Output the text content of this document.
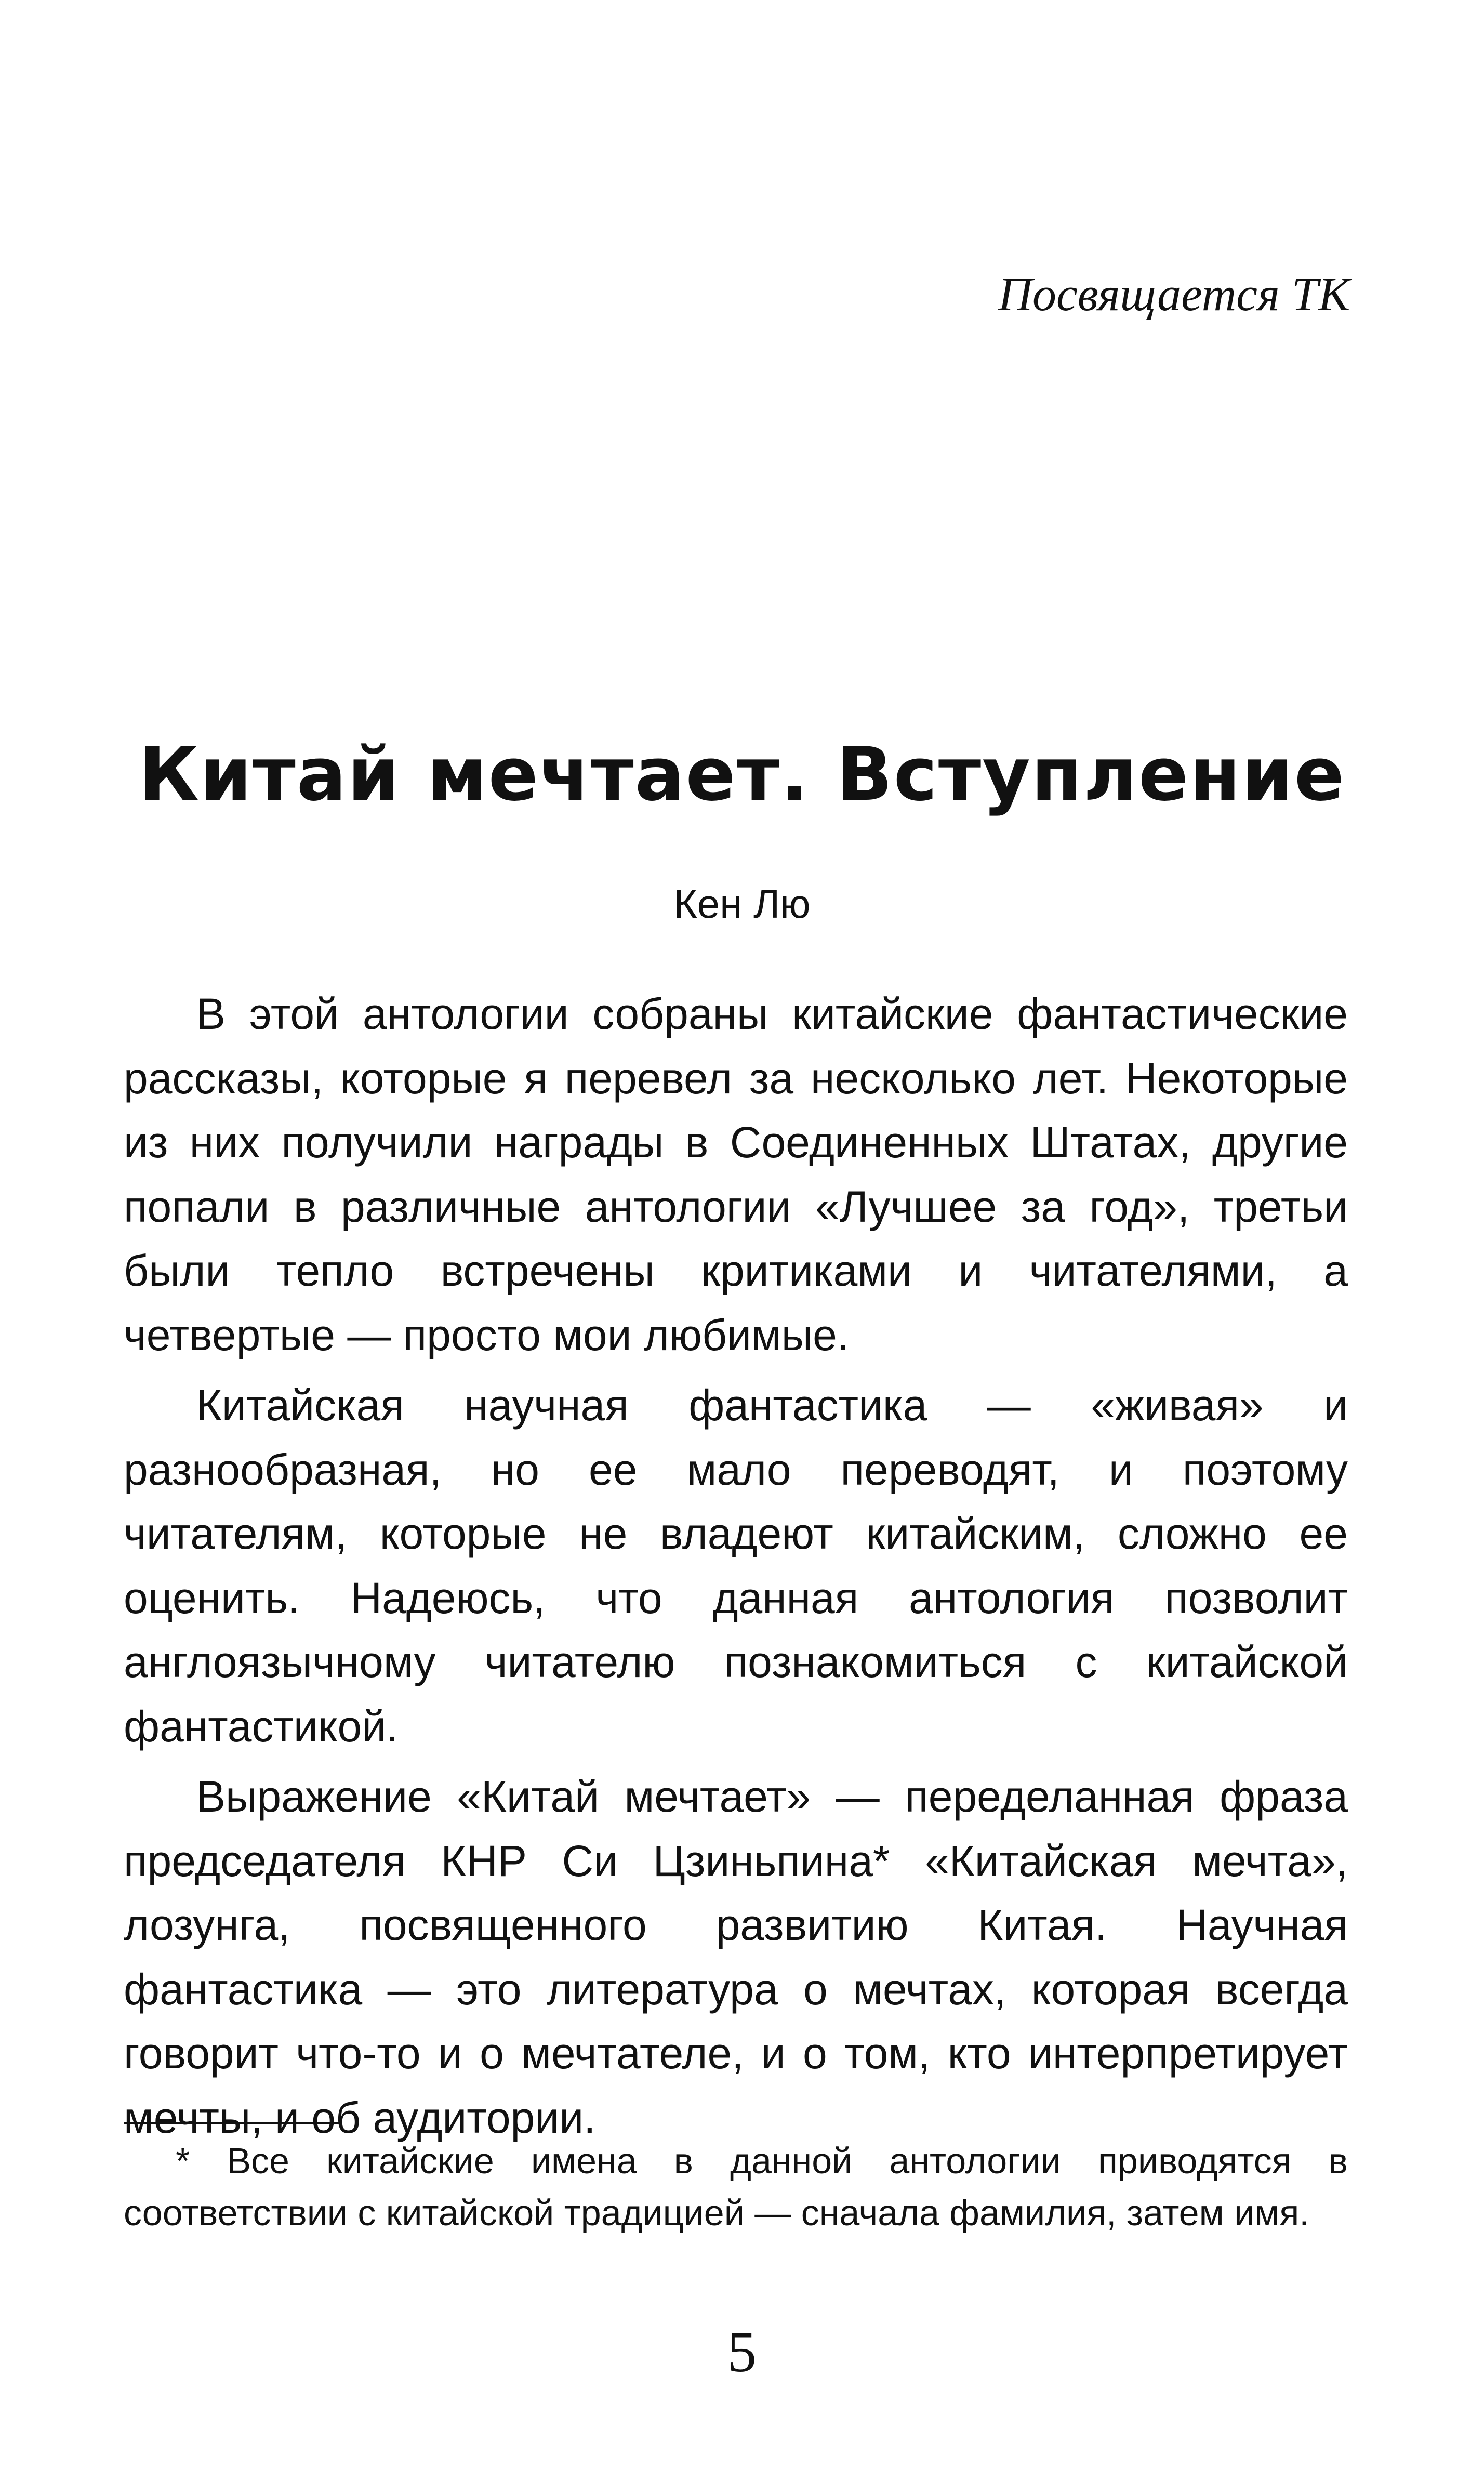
Посвящается ТК
Китай мечтает. Вступление
Кен Лю

В этой антологии собраны китайские фантастические рассказы, которые я перевел за несколько лет. Некоторые из них получили награды в Соединенных Штатах, другие попали в различные антологии «Лучшее за год», третьи были тепло встречены критиками и читателями, а четвертые — просто мои любимые.

Китайская научная фантастика — «живая» и разнообразная, но ее мало переводят, и поэтому читателям, которые не владеют китайским, сложно ее оценить. Надеюсь, что данная антология позволит англоязычному читателю познакомиться с китайской фантастикой.

Выражение «Китай мечтает» — переделанная фраза председателя КНР Си Цзиньпина* «Китайская мечта», лозунга, посвященного развитию Китая. Научная фантастика — это литература о мечтах, которая всегда говорит что-то и о мечтателе, и о том, кто интерпретирует мечты, и об аудитории.

* Все китайские имена в данной антологии приводятся в соответствии с китайской традицией — сначала фамилия, затем имя.

5
